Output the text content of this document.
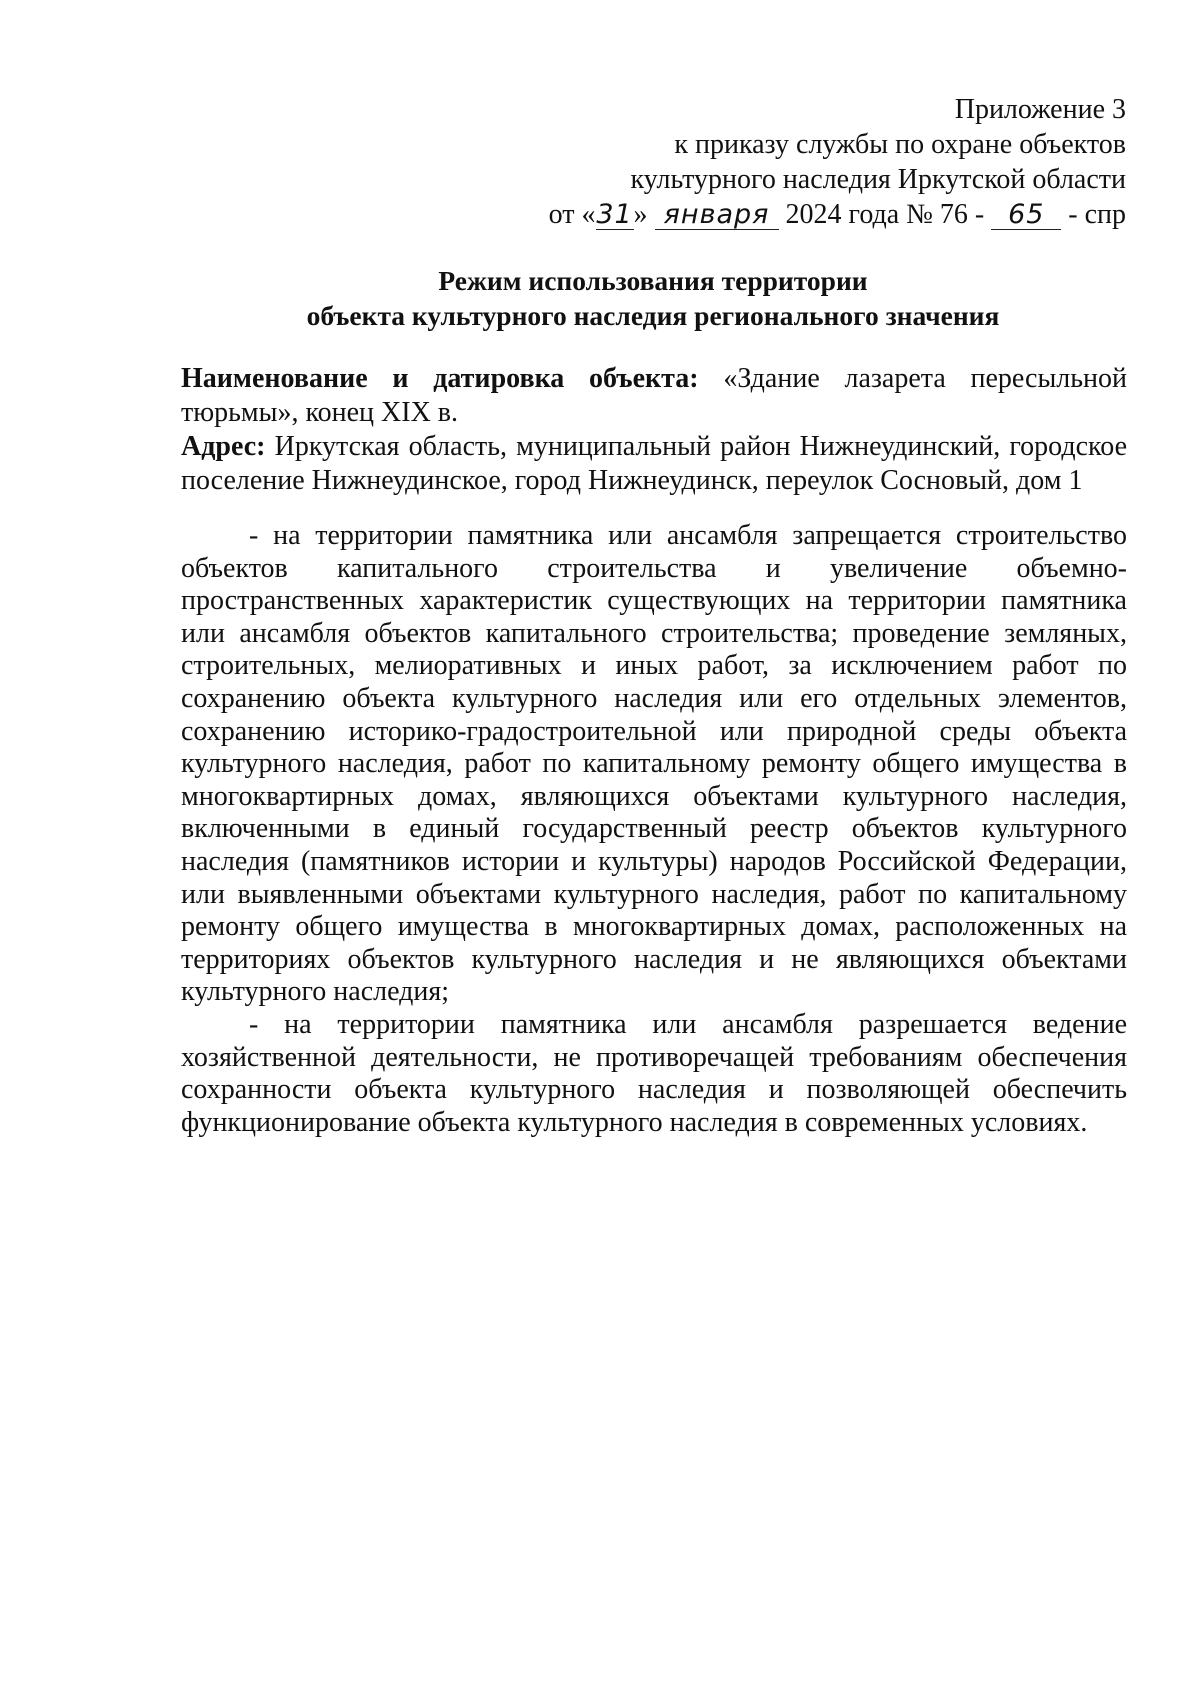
Приложение 3
к приказу службы по охране объектов
культурного наследия Иркутской области
от «31» января 2024 года № 76 - 65 - спр
Режим использования территории
объекта культурного наследия регионального значения

Наименование и датировка объекта: «Здание лазарета пересыльной тюрьмы», конец XIX в.

Адрес: Иркутская область, муниципальный район Нижнеудинский, городское поселение Нижнеудинское, город Нижнеудинск, переулок Сосновый, дом 1

- на территории памятника или ансамбля запрещается строительство объектов капитального строительства и увеличение объемно-пространственных характеристик существующих на территории памятника или ансамбля объектов капитального строительства; проведение земляных, строительных, мелиоративных и иных работ, за исключением работ по сохранению объекта культурного наследия или его отдельных элементов, сохранению историко-градостроительной или природной среды объекта культурного наследия, работ по капитальному ремонту общего имущества в многоквартирных домах, являющихся объектами культурного наследия, включенными в единый государственный реестр объектов культурного наследия (памятников истории и культуры) народов Российской Федерации, или выявленными объектами культурного наследия, работ по капитальному ремонту общего имущества в многоквартирных домах, расположенных на территориях объектов культурного наследия и не являющихся объектами культурного наследия;

- на территории памятника или ансамбля разрешается ведение хозяйственной деятельности, не противоречащей требованиям обеспечения сохранности объекта культурного наследия и позволяющей обеспечить функционирование объекта культурного наследия в современных условиях.
